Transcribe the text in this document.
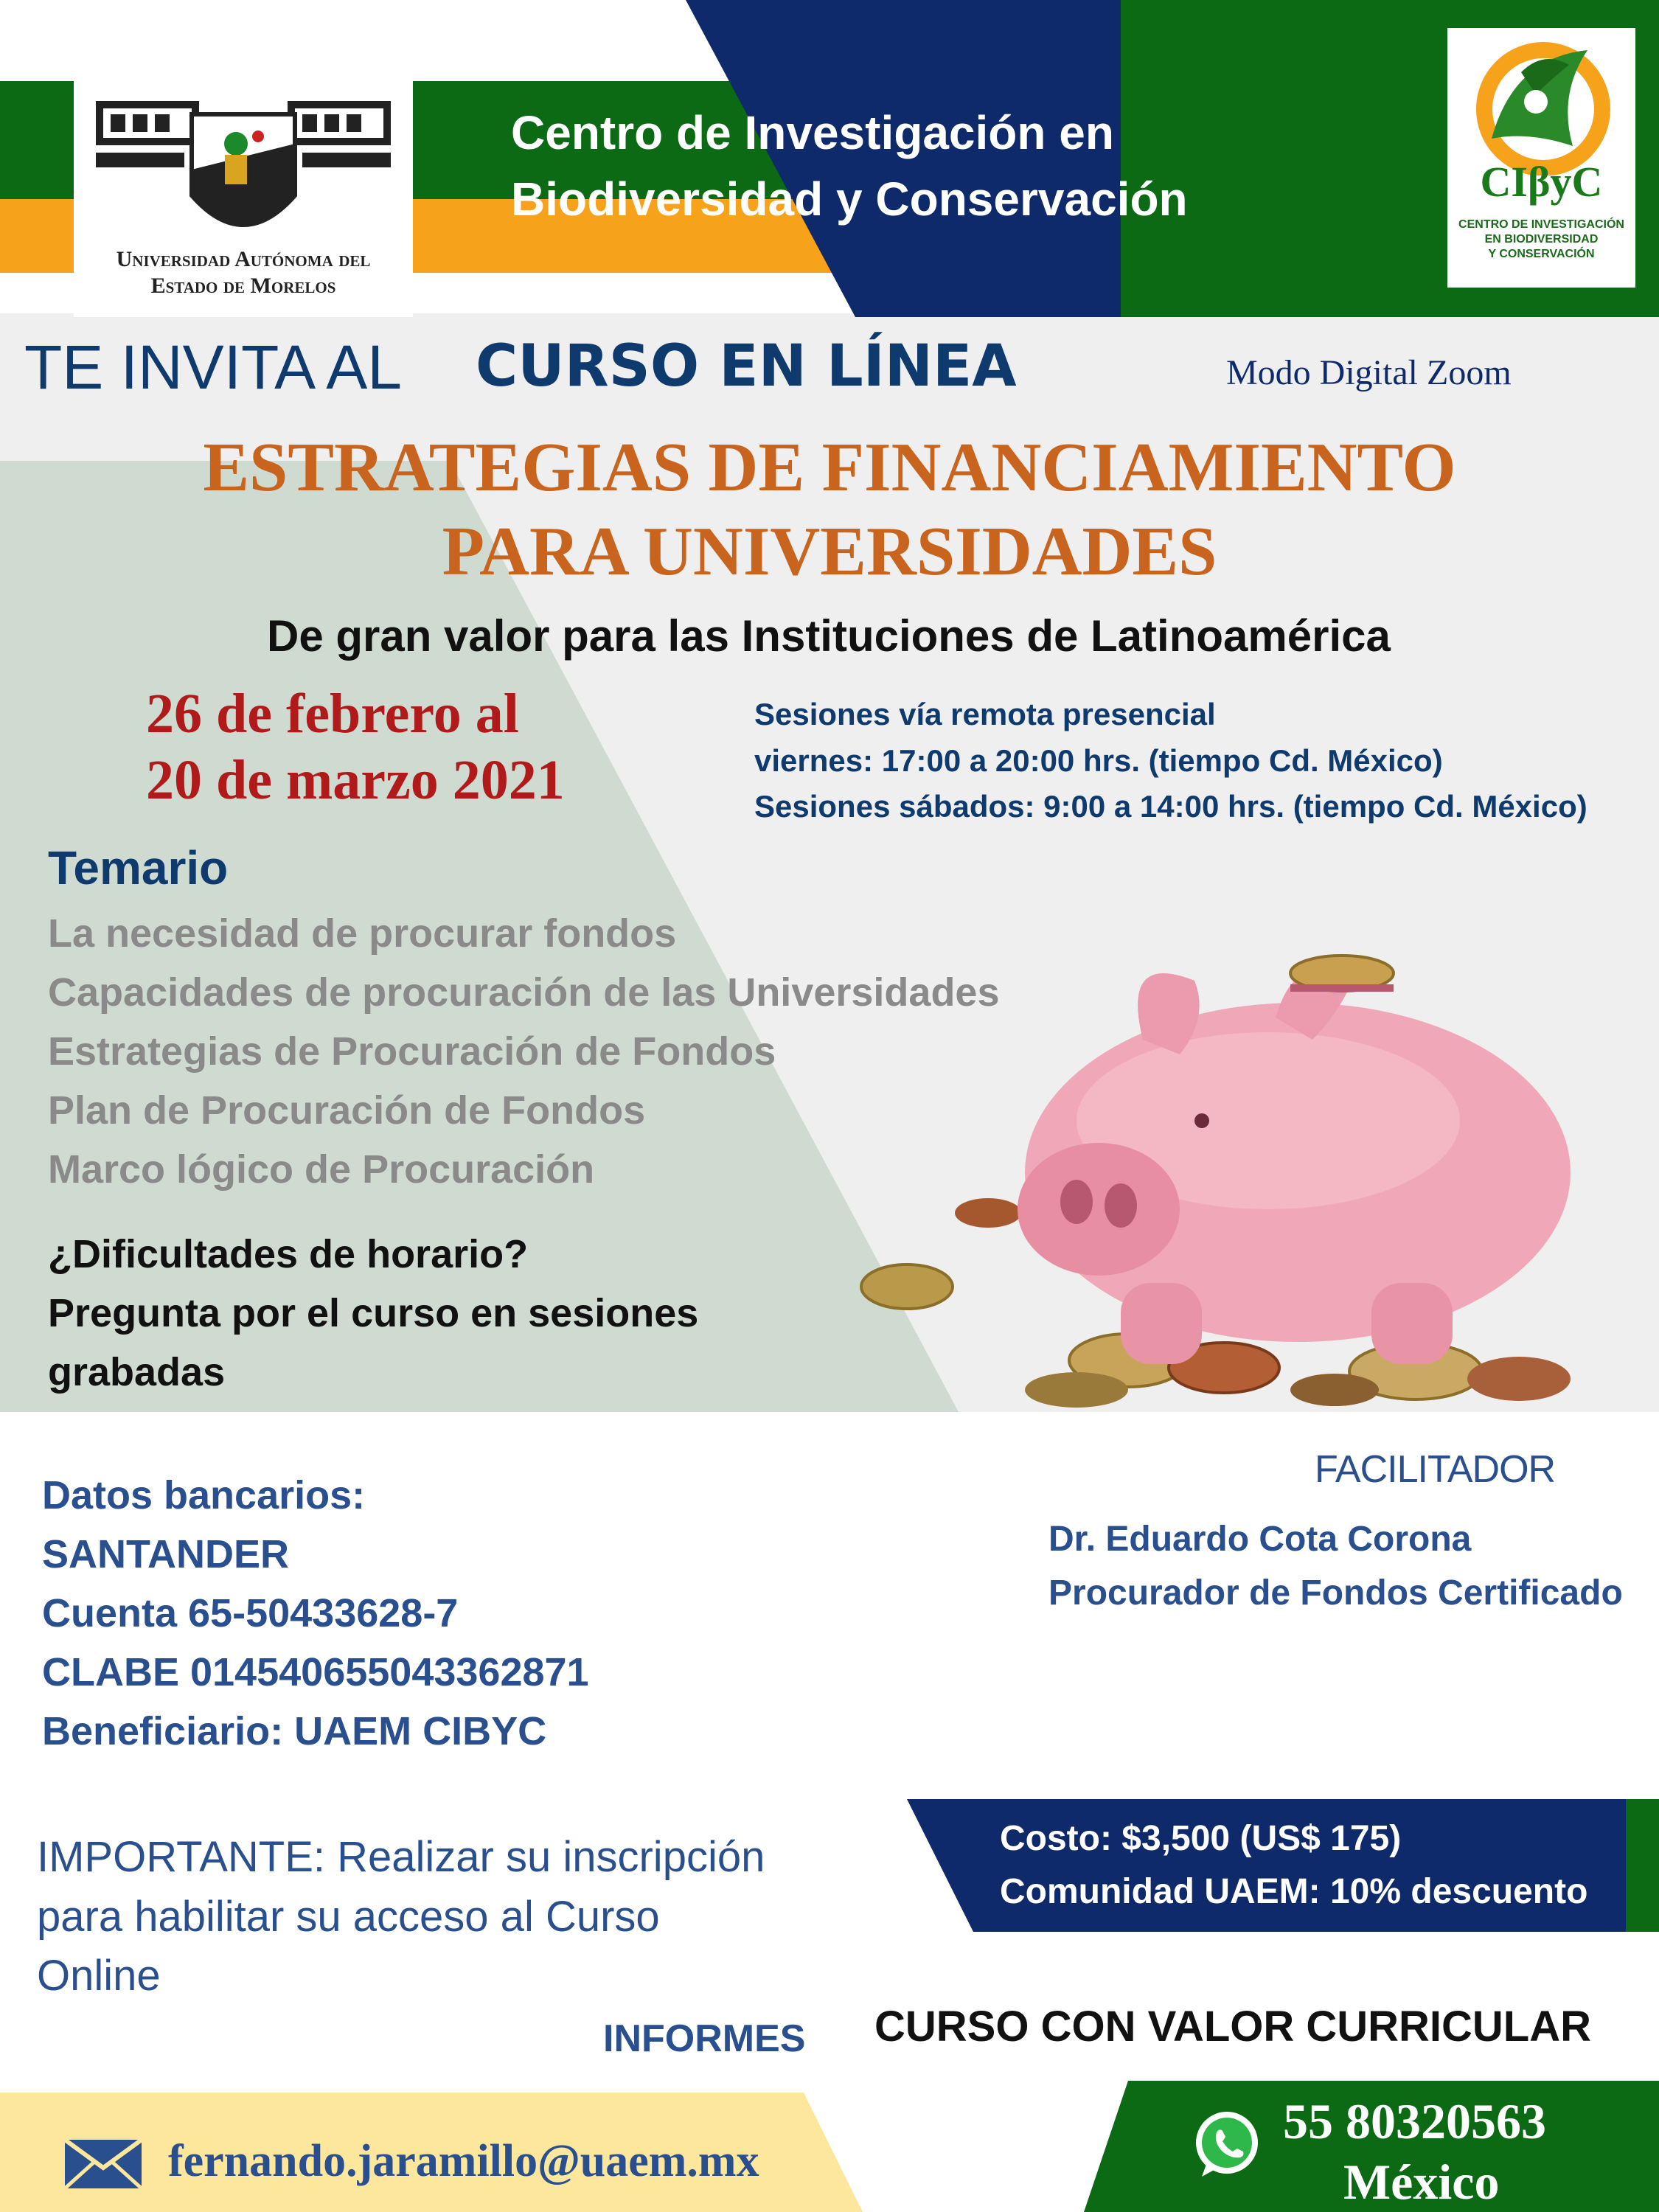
Universidad Autónoma del
Estado de Morelos
Centro de Investigación en
Biodiversidad y Conservación	CIβyC
CENTRO DE INVESTIGACIÓN
EN BIODIVERSIDAD
Y CONSERVACIÓN
TE INVITA AL CURSO EN LÍNEA	Modo Digital Zoom
ESTRATEGIAS DE FINANCIAMIENTO
PARA UNIVERSIDADES
De gran valor para las Instituciones de Latinoamérica
26 de febrero al
20 de marzo 2021
Sesiones vía remota presencial
viernes: 17:00 a 20:00 hrs. (tiempo Cd. México)
Sesiones sábados: 9:00 a 14:00 hrs. (tiempo Cd. México)
Temario
La necesidad de procurar fondos
Capacidades de procuración de las Universidades
Estrategias de Procuración de Fondos
Plan de Procuración de Fondos
Marco lógico de Procuración
¿Dificultades de horario?
Pregunta por el curso en sesiones
grabadas
Datos bancarios:
SANTANDER
Cuenta 65-50433628-7
CLABE 014540655043362871
Beneficiario: UAEM CIBYC
FACILITADOR
Dr. Eduardo Cota Corona
Procurador de Fondos Certificado
IMPORTANTE: Realizar su inscripción
para habilitar su acceso al Curso
Online
Costo: $3,500 (US$ 175)
Comunidad UAEM: 10% descuento
INFORMES CURSO CON VALOR CURRICULAR
fernando.jaramillo@uaem.mx
55 80320563
México
